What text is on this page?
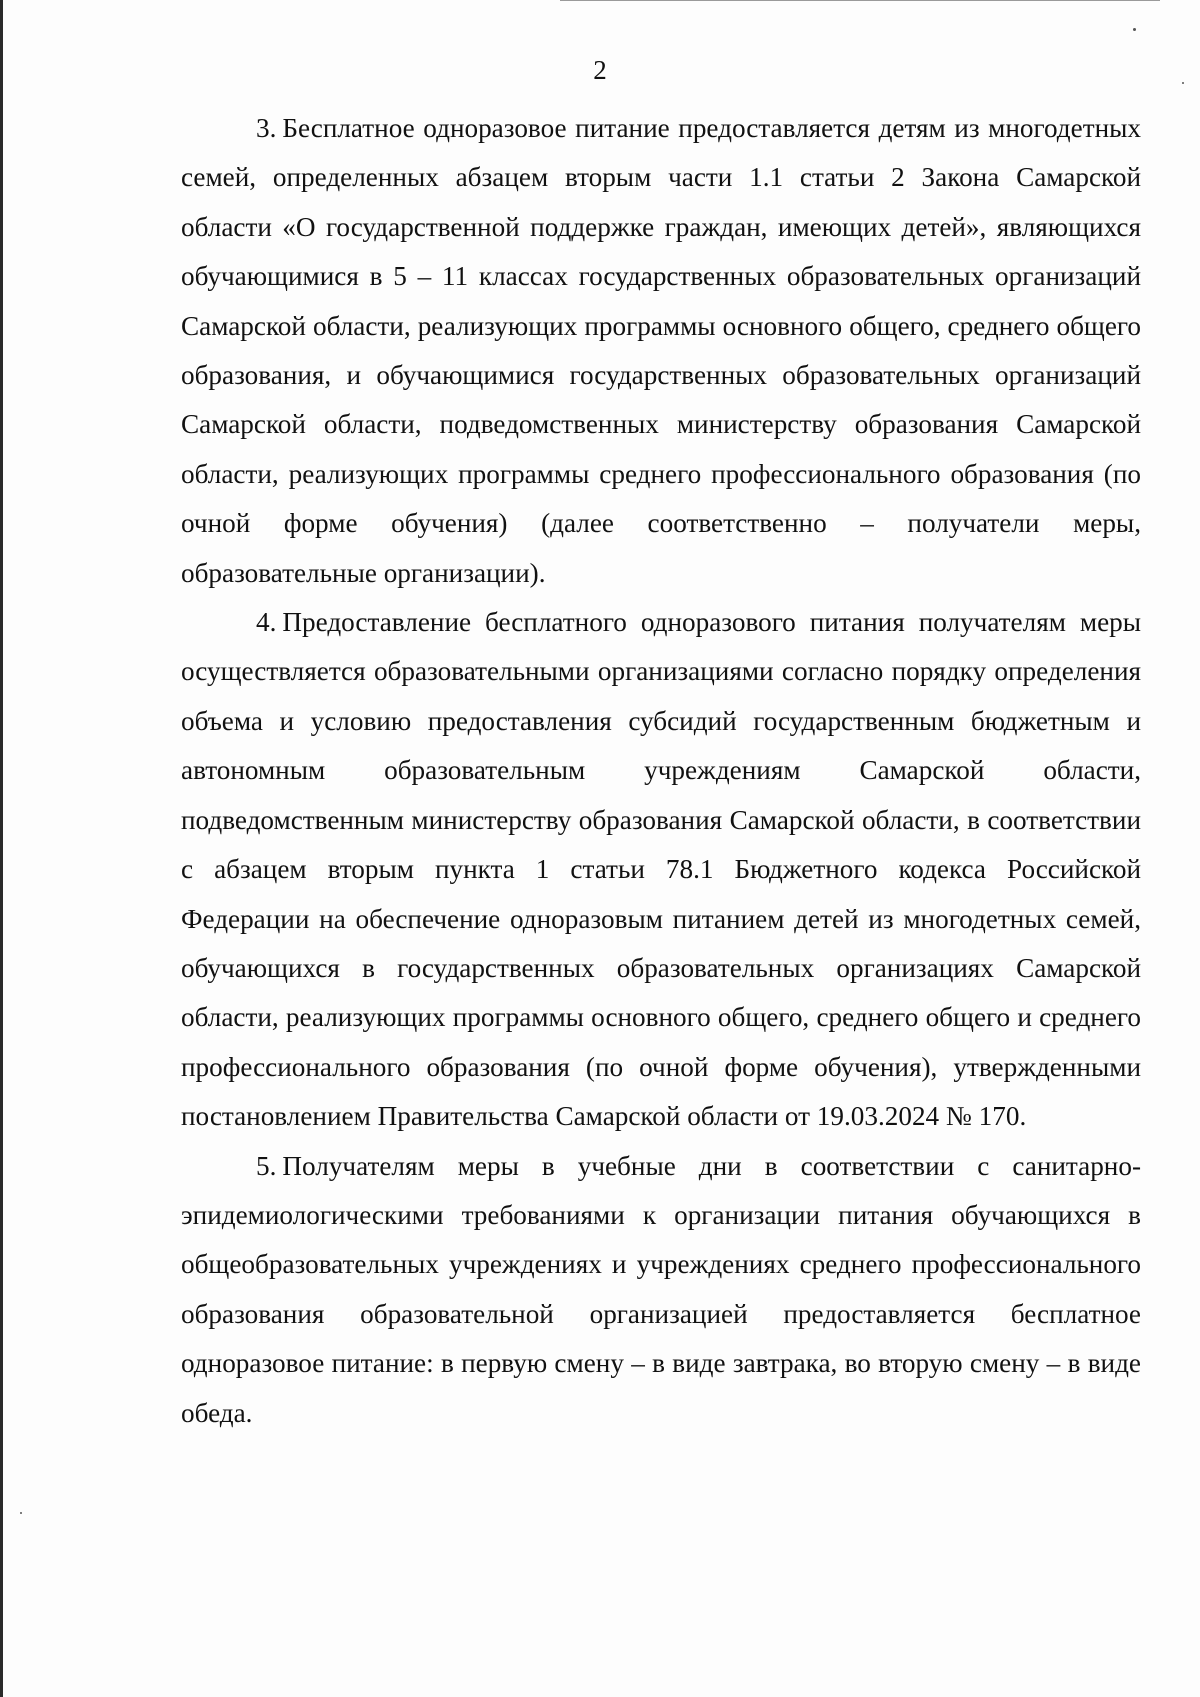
2

3. Бесплатное одноразовое питание предоставляется детям из многодетных семей, определенных абзацем вторым части 1.1 статьи 2 Закона Самарской области «О государственной поддержке граждан, имеющих детей», являющихся обучающимися в 5 – 11 классах государственных образовательных организаций Самарской области, реализующих программы основного общего, среднего общего образования, и обучающимися государственных образовательных организаций Самарской области, подведомственных министерству образования Самарской области, реализующих программы среднего профессионального образования (по очной форме обучения) (далее соответственно – получатели меры, образовательные организации).

4. Предоставление бесплатного одноразового питания получателям меры осуществляется образовательными организациями согласно порядку определения объема и условию предоставления субсидий государственным бюджетным и автономным образовательным учреждениям Самарской области, подведомственным министерству образования Самарской области, в соответствии с абзацем вторым пункта 1 статьи 78.1 Бюджетного кодекса Российской Федерации на обеспечение одноразовым питанием детей из многодетных семей, обучающихся в государственных образовательных организациях Самарской области, реализующих программы основного общего, среднего общего и среднего профессионального образования (по очной форме обучения), утвержденными постановлением Правительства Самарской области от 19.03.2024 № 170.

5. Получателям меры в учебные дни в соответствии с санитарно-эпидемиологическими требованиями к организации питания обучающихся в общеобразовательных учреждениях и учреждениях среднего профессионального образования образовательной организацией предоставляется бесплатное одноразовое питание: в первую смену – в виде завтрака, во вторую смену – в виде обеда.
